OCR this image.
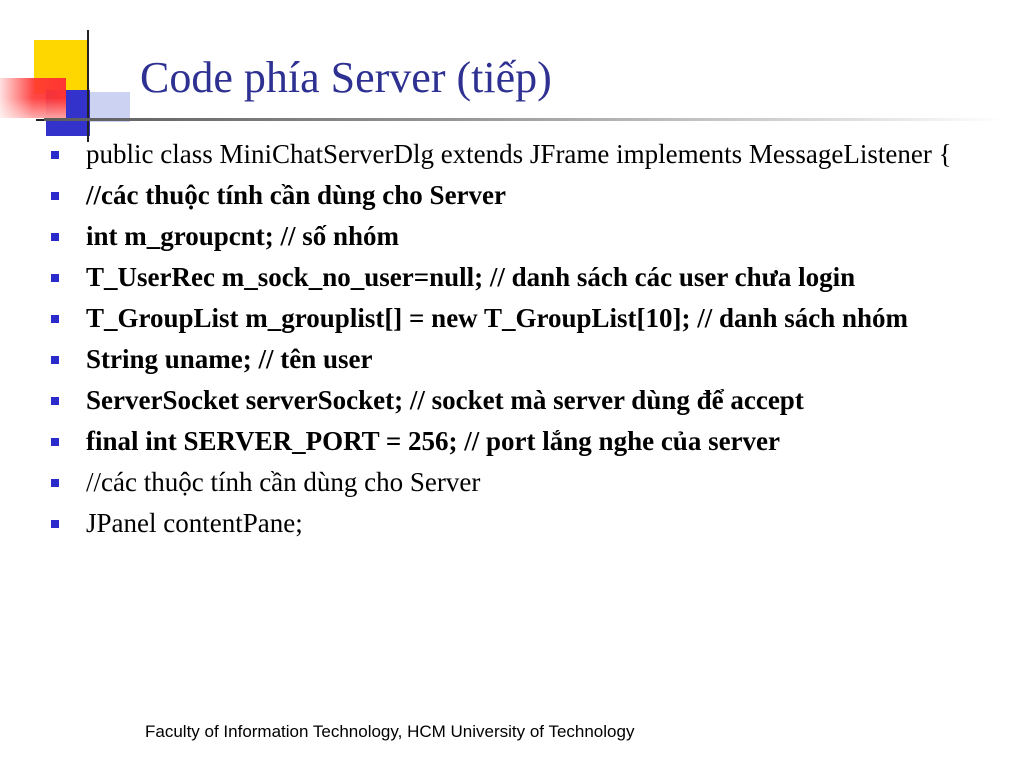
Code phía Server (tiếp)
public class MiniChatServerDlg extends JFrame implements MessageListener {
//các thuộc tính cần dùng cho Server
int m_groupcnt; // số nhóm
T_UserRec m_sock_no_user=null; // danh sách các user chưa login
T_GroupList m_grouplist[] = new T_GroupList[10]; // danh sách nhóm
String uname; // tên user
ServerSocket serverSocket; // socket mà server dùng để accept
final int SERVER_PORT = 256; // port lắng nghe của server
//các thuộc tính cần dùng cho Server
JPanel contentPane;
Faculty of Information Technology, HCM University of Technology
